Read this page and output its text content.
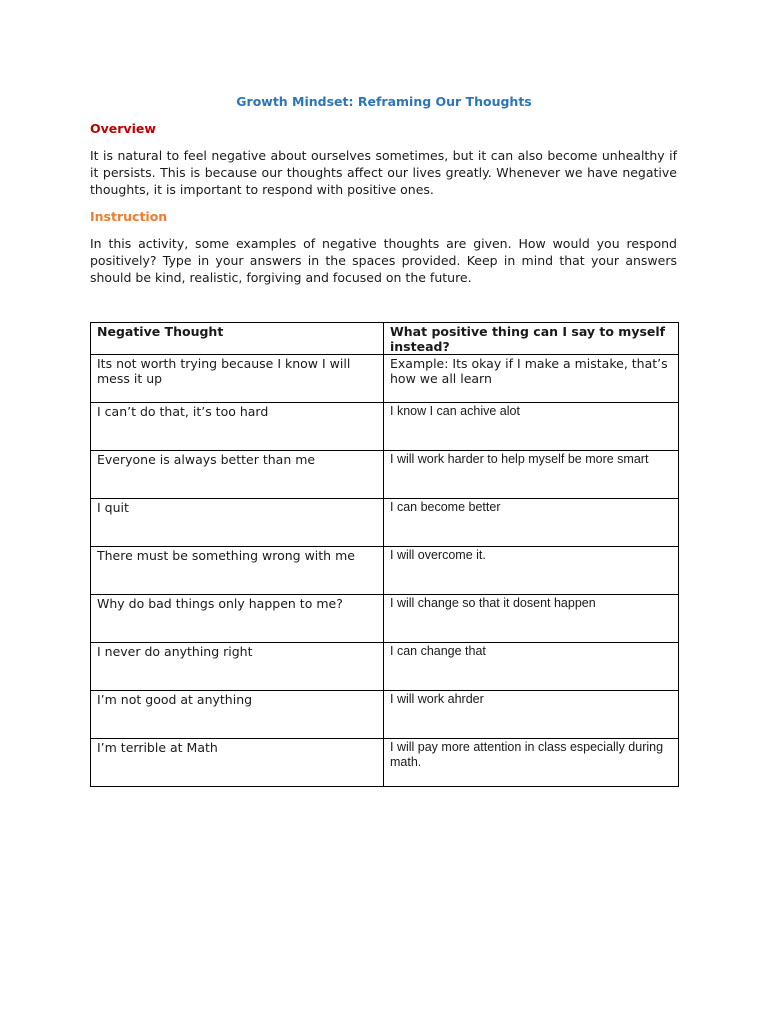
Growth Mindset: Reframing Our Thoughts
Overview
It is natural to feel negative about ourselves sometimes, but it can also become unhealthy if it persists. This is because our thoughts affect our lives greatly. Whenever we have negative thoughts, it is important to respond with positive ones.
Instruction
In this activity, some examples of negative thoughts are given. How would you respond positively? Type in your answers in the spaces provided. Keep in mind that your answers should be kind, realistic, forgiving and focused on the future.
Negative Thought	What positive thing can I say to myself instead?
Its not worth trying because I know I will mess it up	Example: Its okay if I make a mistake, that’s how we all learn
I can’t do that, it’s too hard	I know I can achive alot
Everyone is always better than me	I will work harder to help myself be more smart
I quit	I can become better
There must be something wrong with me	I will overcome it.
Why do bad things only happen to me?	I will change so that it dosent happen
I never do anything right	I can change that
I’m not good at anything	I will work ahrder
I’m terrible at Math	I will pay more attention in class especially during math.
